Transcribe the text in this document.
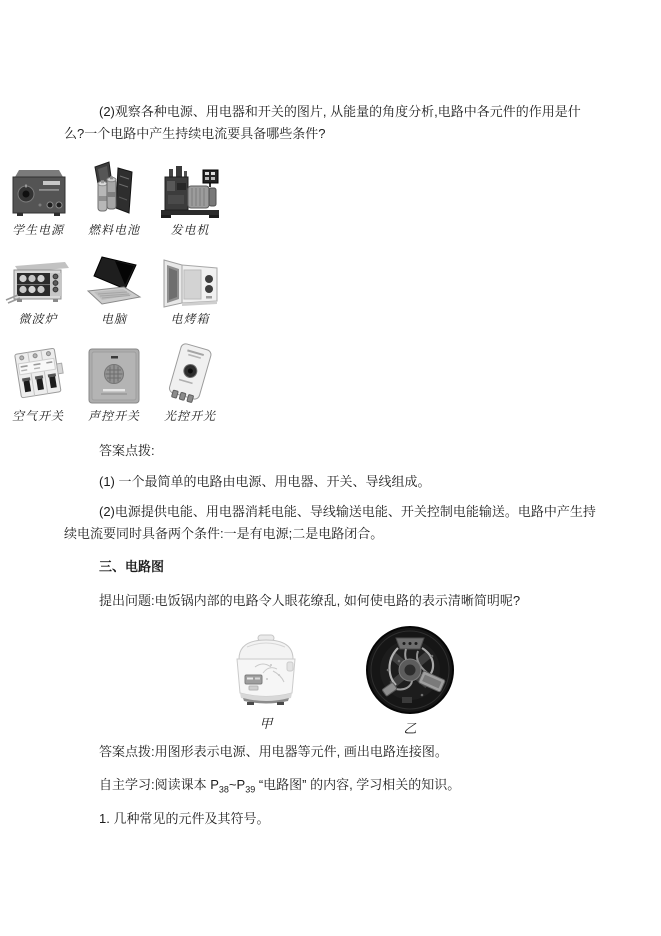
(2)观察各种电源、用电器和开关的图片, 从能量的角度分析,电路中各元件的作用是什么?一个电路中产生持续电流要具备哪些条件?
学生电源 燃料电池	发电机
微波炉	电脑	电烤箱
空气开关 声控开关 光控开光
答案点拨:
(1) 一个最简单的电路由电源、用电器、开关、导线组成。
(2)电源提供电能、用电器消耗电能、导线输送电能、开关控制电能输送。电路中产生持续电流要同时具备两个条件:一是有电源;二是电路闭合。
三、电路图
提出问题:电饭锅内部的电路令人眼花缭乱, 如何使电路的表示清晰简明呢?
甲	乙
答案点拨:用图形表示电源、用电器等元件, 画出电路连接图。
自主学习:阅读课本 $P_{38}\sim P_{39}$ “电路图” 的内容, 学习相关的知识。
1. 几种常见的元件及其符号。
